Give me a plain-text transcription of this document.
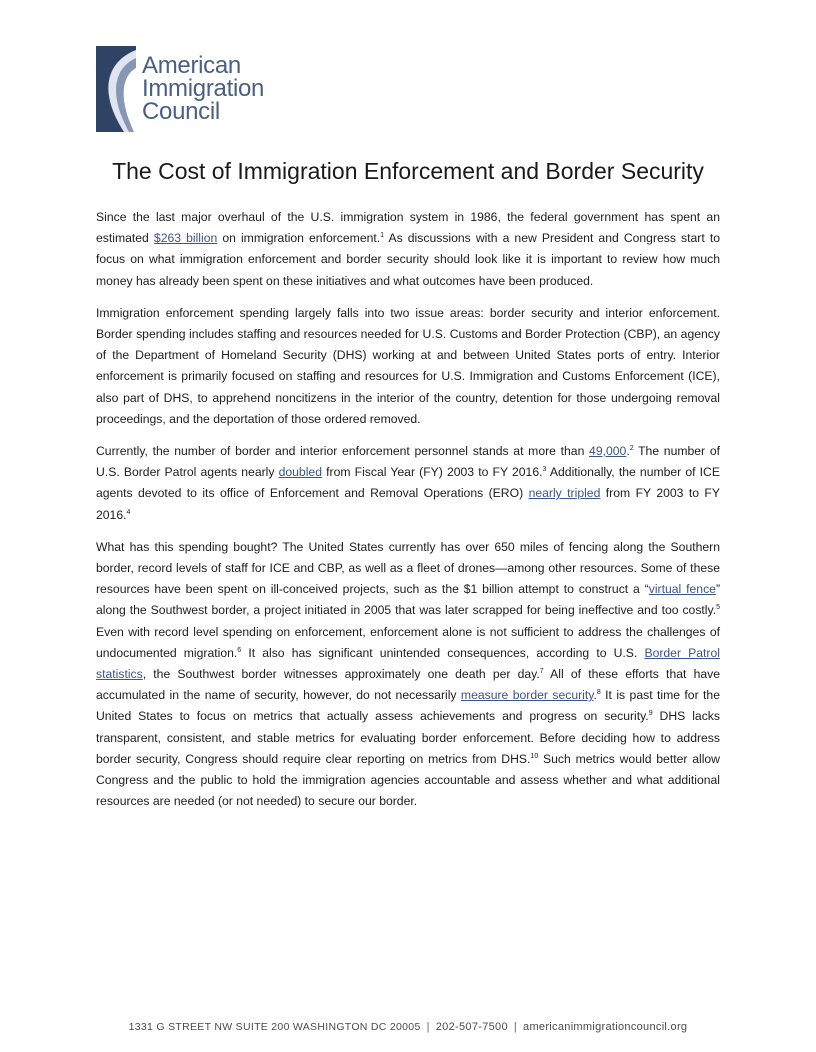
American
Immigration
Council
The Cost of Immigration Enforcement and Border Security

Since the last major overhaul of the U.S. immigration system in 1986, the federal government has spent an estimated $263 billion on immigration enforcement.$^1$ As discussions with a new President and Congress start to focus on what immigration enforcement and border security should look like it is important to review how much money has already been spent on these initiatives and what outcomes have been produced.

Immigration enforcement spending largely falls into two issue areas: border security and interior enforcement. Border spending includes staffing and resources needed for U.S. Customs and Border Protection (CBP), an agency of the Department of Homeland Security (DHS) working at and between United States ports of entry. Interior enforcement is primarily focused on staffing and resources for U.S. Immigration and Customs Enforcement (ICE), also part of DHS, to apprehend noncitizens in the interior of the country, detention for those undergoing removal proceedings, and the deportation of those ordered removed.

Currently, the number of border and interior enforcement personnel stands at more than 49,000.$^2$ The number of U.S. Border Patrol agents nearly doubled from Fiscal Year (FY) 2003 to FY 2016.$^3$ Additionally, the number of ICE agents devoted to its office of Enforcement and Removal Operations (ERO) nearly tripled from FY 2003 to FY 2016.$^4$

What has this spending bought? The United States currently has over 650 miles of fencing along the Southern border, record levels of staff for ICE and CBP, as well as a fleet of drones—among other resources. Some of these resources have been spent on ill-conceived projects, such as the $1 billion attempt to construct a “virtual fence” along the Southwest border, a project initiated in 2005 that was later scrapped for being ineffective and too costly.$^5$ Even with record level spending on enforcement, enforcement alone is not sufficient to address the challenges of undocumented migration.$^6$ It also has significant unintended consequences, according to U.S. Border Patrol statistics, the Southwest border witnesses approximately one death per day.$^7$ All of these efforts that have accumulated in the name of security, however, do not necessarily measure border security.$^8$ It is past time for the United States to focus on metrics that actually assess achievements and progress on security.$^9$ DHS lacks transparent, consistent, and stable metrics for evaluating border enforcement. Before deciding how to address border security, Congress should require clear reporting on metrics from DHS.$^{10}$ Such metrics would better allow Congress and the public to hold the immigration agencies accountable and assess whether and what additional resources are needed (or not needed) to secure our border.

1331 G STREET NW SUITE 200 WASHINGTON DC 20005 | 202-507-7500 | americanimmigrationcouncil.org
